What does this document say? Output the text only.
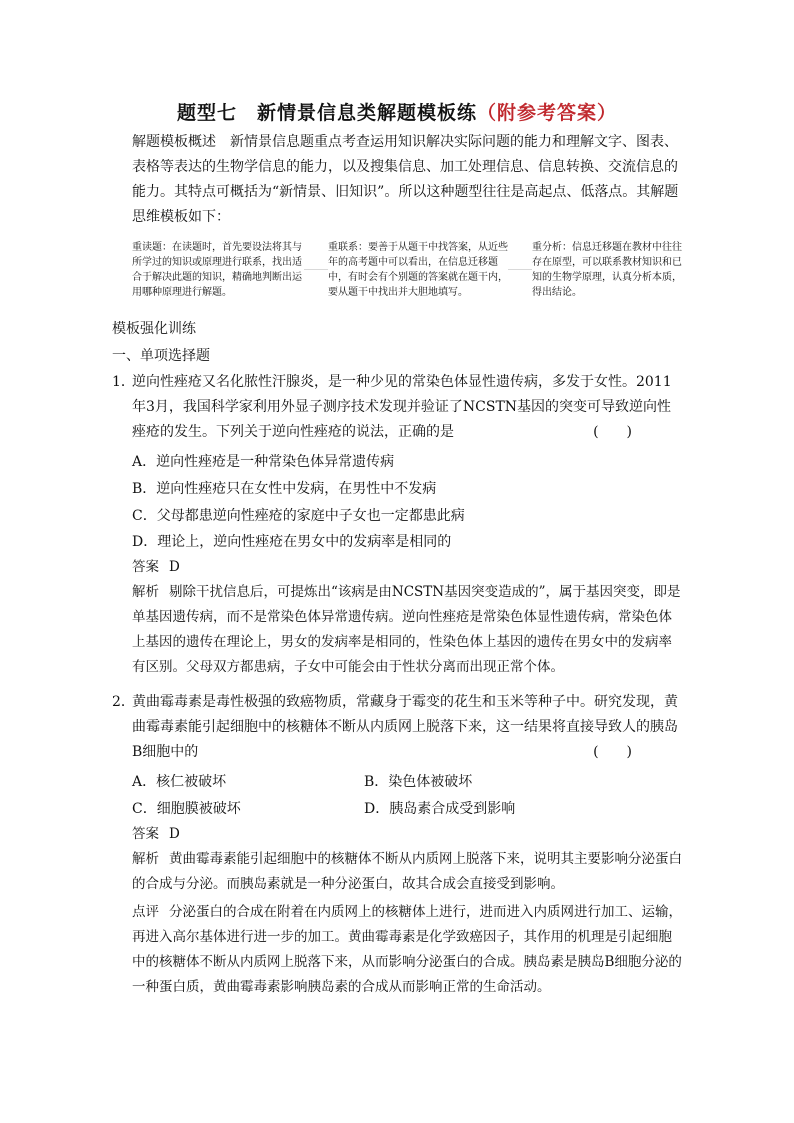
题型七　新情景信息类解题模板练（附参考答案）
解题模板概述 新情景信息题重点考查运用知识解决实际问题的能力和理解文字、图表、表格等表达的生物学信息的能力，以及搜集信息、加工处理信息、信息转换、交流信息的能力。其特点可概括为“新情景、旧知识”。所以这种题型往往是高起点、低落点。其解题思维模板如下：
重读题：在读题时，首先要设法将其与所学过的知识或原理进行联系，找出适合于解决此题的知识，精确地判断出运用哪种原理进行解题。
重联系：要善于从题干中找答案，从近些年的高考题中可以看出，在信息迁移题中，有时会有个别题的答案就在题干内，要从题干中找出并大胆地填写。
重分析：信息迁移题在教材中往往存在原型，可以联系教材知识和已知的生物学原理，认真分析本质，得出结论。
模板强化训练
一、单项选择题
1．
逆向性痤疮又名化脓性汗腺炎，是一种少见的常染色体显性遗传病，多发于女性。2011年3月，我国科学家利用外显子测序技术发现并验证了NCSTN基因的突变可导致逆向性痤疮的发生。下列关于逆向性痤疮的说法，正确的是	(　　)
A．逆向性痤疮是一种常染色体异常遗传病
B．逆向性痤疮只在女性中发病，在男性中不发病
C．父母都患逆向性痤疮的家庭中子女也一定都患此病
D．理论上，逆向性痤疮在男女中的发病率是相同的
答案 D
解析 剔除干扰信息后，可提炼出“该病是由NCSTN基因突变造成的”，属于基因突变，即是单基因遗传病，而不是常染色体异常遗传病。逆向性痤疮是常染色体显性遗传病，常染色体上基因的遗传在理论上，男女的发病率是相同的，性染色体上基因的遗传在男女中的发病率有区别。父母双方都患病，子女中可能会由于性状分离而出现正常个体。
2．
黄曲霉毒素是毒性极强的致癌物质，常藏身于霉变的花生和玉米等种子中。研究发现，黄曲霉毒素能引起细胞中的核糖体不断从内质网上脱落下来，这一结果将直接导致人的胰岛B细胞中的	(　　)
A．核仁被破坏	B．染色体被破坏
C．细胞膜被破坏	D．胰岛素合成受到影响
答案 D
解析 黄曲霉毒素能引起细胞中的核糖体不断从内质网上脱落下来，说明其主要影响分泌蛋白的合成与分泌。而胰岛素就是一种分泌蛋白，故其合成会直接受到影响。
点评 分泌蛋白的合成在附着在内质网上的核糖体上进行，进而进入内质网进行加工、运输，再进入高尔基体进行进一步的加工。黄曲霉毒素是化学致癌因子，其作用的机理是引起细胞中的核糖体不断从内质网上脱落下来，从而影响分泌蛋白的合成。胰岛素是胰岛B细胞分泌的一种蛋白质，黄曲霉毒素影响胰岛素的合成从而影响正常的生命活动。
